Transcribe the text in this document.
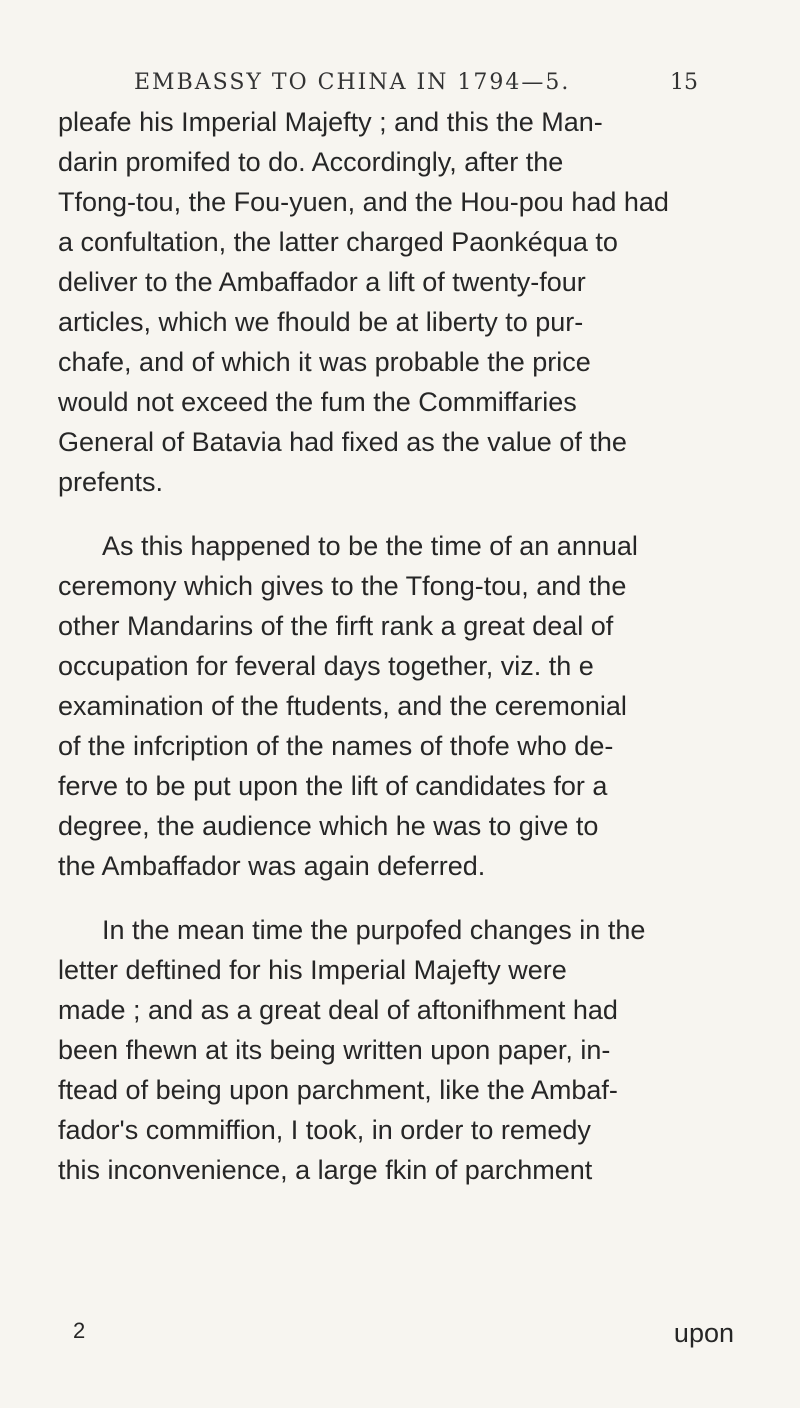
EMBASSY TO CHINA IN 1794—5.	15
pleafe his Imperial Majefty ; and this the Man-
darin promifed to do. Accordingly, after the
Tfong-tou, the Fou-yuen, and the Hou-pou had had
a confultation, the latter charged Paonkéqua to
deliver to the Ambaffador a lift of twenty-four
articles, which we fhould be at liberty to pur-
chafe, and of which it was probable the price
would not exceed the fum the Commiffaries
General of Batavia had fixed as the value of the
prefents.
As this happened to be the time of an annual
ceremony which gives to the Tfong-tou, and the
other Mandarins of the firft rank a great deal of
occupation for feveral days together, viz. th e
examination of the ftudents, and the ceremonial
of the infcription of the names of thofe who de-
ferve to be put upon the lift of candidates for a
degree, the audience which he was to give to
the Ambaffador was again deferred.
In the mean time the purpofed changes in the
letter deftined for his Imperial Majefty were
made ; and as a great deal of aftonifhment had
been fhewn at its being written upon paper, in-
ftead of being upon parchment, like the Ambaf-
fador's commiffion, I took, in order to remedy
this inconvenience, a large fkin of parchment
2	upon
